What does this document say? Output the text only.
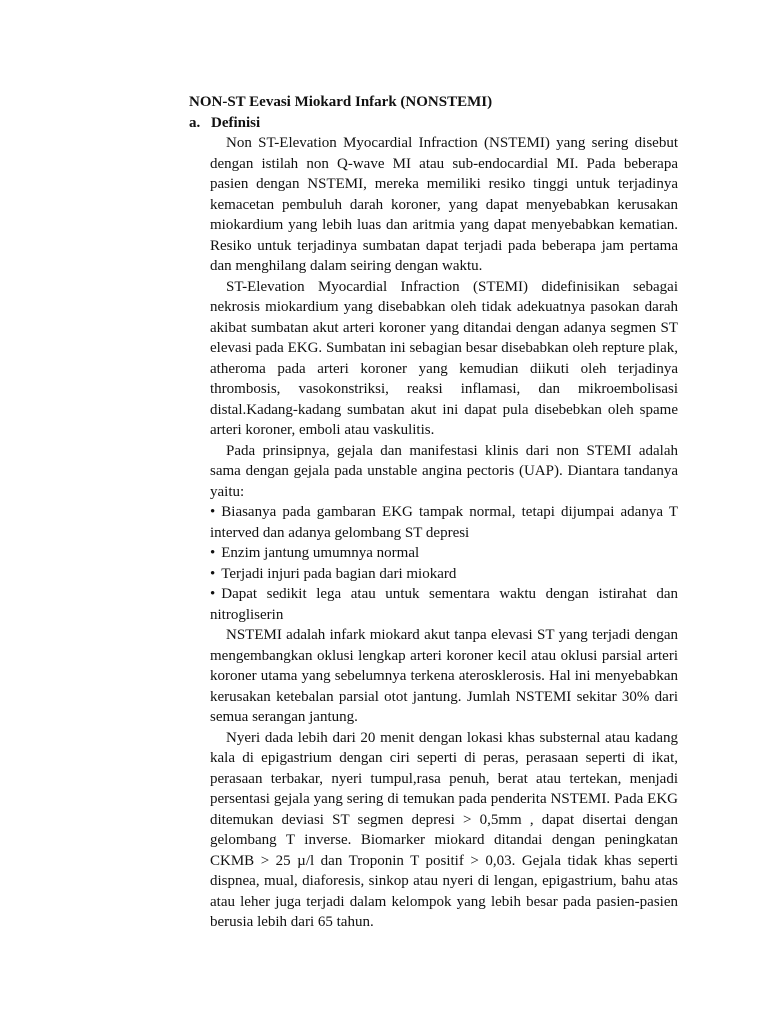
NON-ST Eevasi Miokard Infark (NONSTEMI)

a. Definisi

Non ST-Elevation Myocardial Infraction (NSTEMI) yang sering disebut dengan istilah non Q-wave MI atau sub-endocardial MI. Pada beberapa pasien dengan NSTEMI, mereka memiliki resiko tinggi untuk terjadinya kemacetan pembuluh darah koroner, yang dapat menyebabkan kerusakan miokardium yang lebih luas dan aritmia yang dapat menyebabkan kematian. Resiko untuk terjadinya sumbatan dapat terjadi pada beberapa jam pertama dan menghilang dalam seiring dengan waktu.

ST-Elevation Myocardial Infraction (STEMI) didefinisikan sebagai nekrosis miokardium yang disebabkan oleh tidak adekuatnya pasokan darah akibat sumbatan akut arteri koroner yang ditandai dengan adanya segmen ST elevasi pada EKG. Sumbatan ini sebagian besar disebabkan oleh repture plak, atheroma pada arteri koroner yang kemudian diikuti oleh terjadinya thrombosis, vasokonstriksi, reaksi inflamasi, dan mikroembolisasi distal.Kadang-kadang sumbatan akut ini dapat pula disebebkan oleh spame arteri koroner, emboli atau vaskulitis.

Pada prinsipnya, gejala dan manifestasi klinis dari non STEMI adalah sama dengan gejala pada unstable angina pectoris (UAP). Diantara tandanya yaitu:

• Biasanya pada gambaran EKG tampak normal, tetapi dijumpai adanya T interved dan adanya gelombang ST depresi
• Enzim jantung umumnya normal
• Terjadi injuri pada bagian dari miokard
• Dapat sedikit lega atau untuk sementara waktu dengan istirahat dan nitrogliserin

NSTEMI adalah infark miokard akut tanpa elevasi ST yang terjadi dengan mengembangkan oklusi lengkap arteri koroner kecil atau oklusi parsial arteri koroner utama yang sebelumnya terkena aterosklerosis. Hal ini menyebabkan kerusakan ketebalan parsial otot jantung. Jumlah NSTEMI sekitar 30% dari semua serangan jantung.

Nyeri dada lebih dari 20 menit dengan lokasi khas substernal atau kadang kala di epigastrium dengan ciri seperti di peras, perasaan seperti di ikat, perasaan terbakar, nyeri tumpul,rasa penuh, berat atau tertekan, menjadi persentasi gejala yang sering di temukan pada penderita NSTEMI. Pada EKG ditemukan deviasi ST segmen depresi > 0,5mm , dapat disertai dengan gelombang T inverse. Biomarker miokard ditandai dengan peningkatan CKMB > 25 µ/l dan Troponin T positif > 0,03. Gejala tidak khas seperti dispnea, mual, diaforesis, sinkop atau nyeri di lengan, epigastrium, bahu atas atau leher juga terjadi dalam kelompok yang lebih besar pada pasien-pasien berusia lebih dari 65 tahun.
